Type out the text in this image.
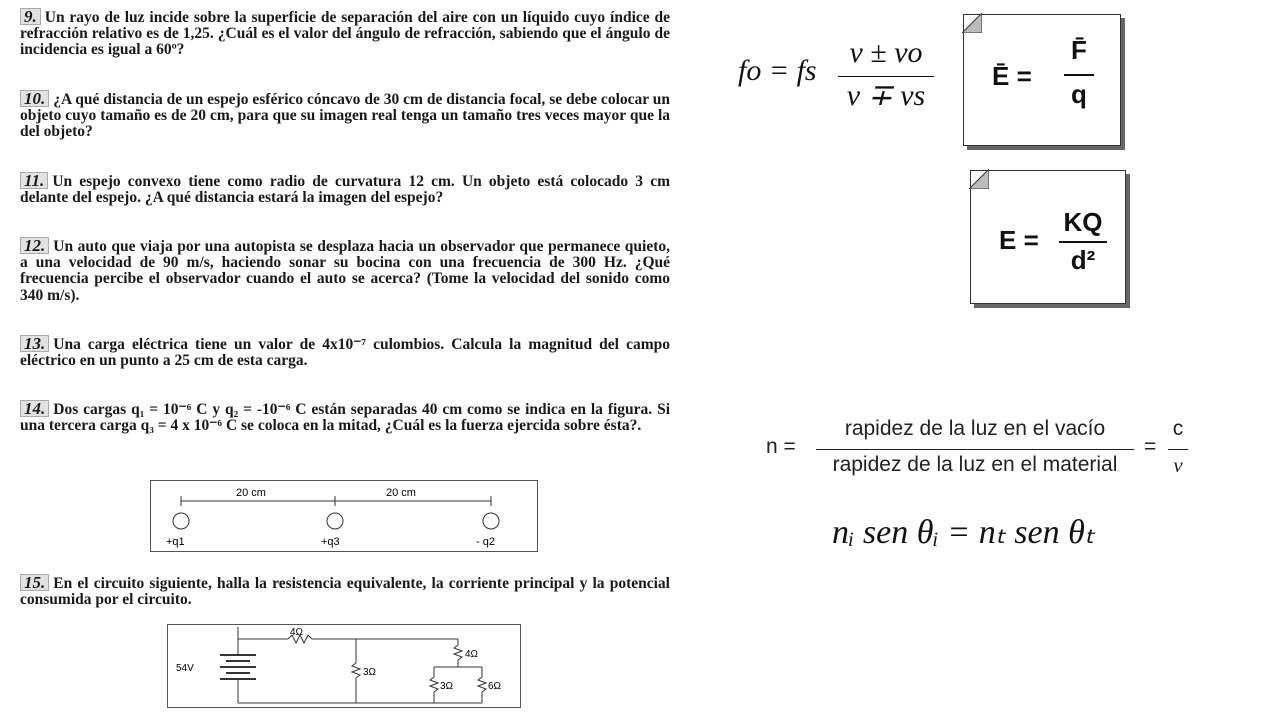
9. Un rayo de luz incide sobre la superficie de separación del aire con un líquido cuyo índice de refracción relativo es de 1,25. ¿Cuál es el valor del ángulo de refracción, sabiendo que el ángulo de incidencia es igual a 60º?
10. ¿A qué distancia de un espejo esférico cóncavo de 30 cm de distancia focal, se debe colocar un objeto cuyo tamaño es de 20 cm, para que su imagen real tenga un tamaño tres veces mayor que la del objeto?
11. Un espejo convexo tiene como radio de curvatura 12 cm. Un objeto está colocado 3 cm delante del espejo. ¿A qué distancia estará la imagen del espejo?
12. Un auto que viaja por una autopista se desplaza hacia un observador que permanece quieto, a una velocidad de 90 m/s, haciendo sonar su bocina con una frecuencia de 300 Hz. ¿Qué frecuencia percibe el observador cuando el auto se acerca? (Tome la velocidad del sonido como 340 m/s).
13. Una carga eléctrica tiene un valor de 4x10⁻⁷ culombios. Calcula la magnitud del campo eléctrico en un punto a 25 cm de esta carga.
14. Dos cargas q₁ = 10⁻⁶ C y q₂ = -10⁻⁶ C están separadas 40 cm como se indica en la figura. Si una tercera carga q₃ = 4 x 10⁻⁶ C se coloca en la mitad, ¿Cuál es la fuerza ejercida sobre ésta?.
15. En el circuito siguiente, halla la resistencia equivalente, la corriente principal y la potencial consumida por el circuito.
20 cm	20 cm
+q1	+q3	- q2
54V
4Ω
3Ω
4Ω
3Ω	6Ω
fo = fs
v ± vo
v ∓ vs
Ē =
F̄
q
E =
KQ
d²
n =
rapidez de la luz en el vacío
rapidez de la luz en el material
=
c
v
nᵢ sen θᵢ = nₜ sen θₜ
